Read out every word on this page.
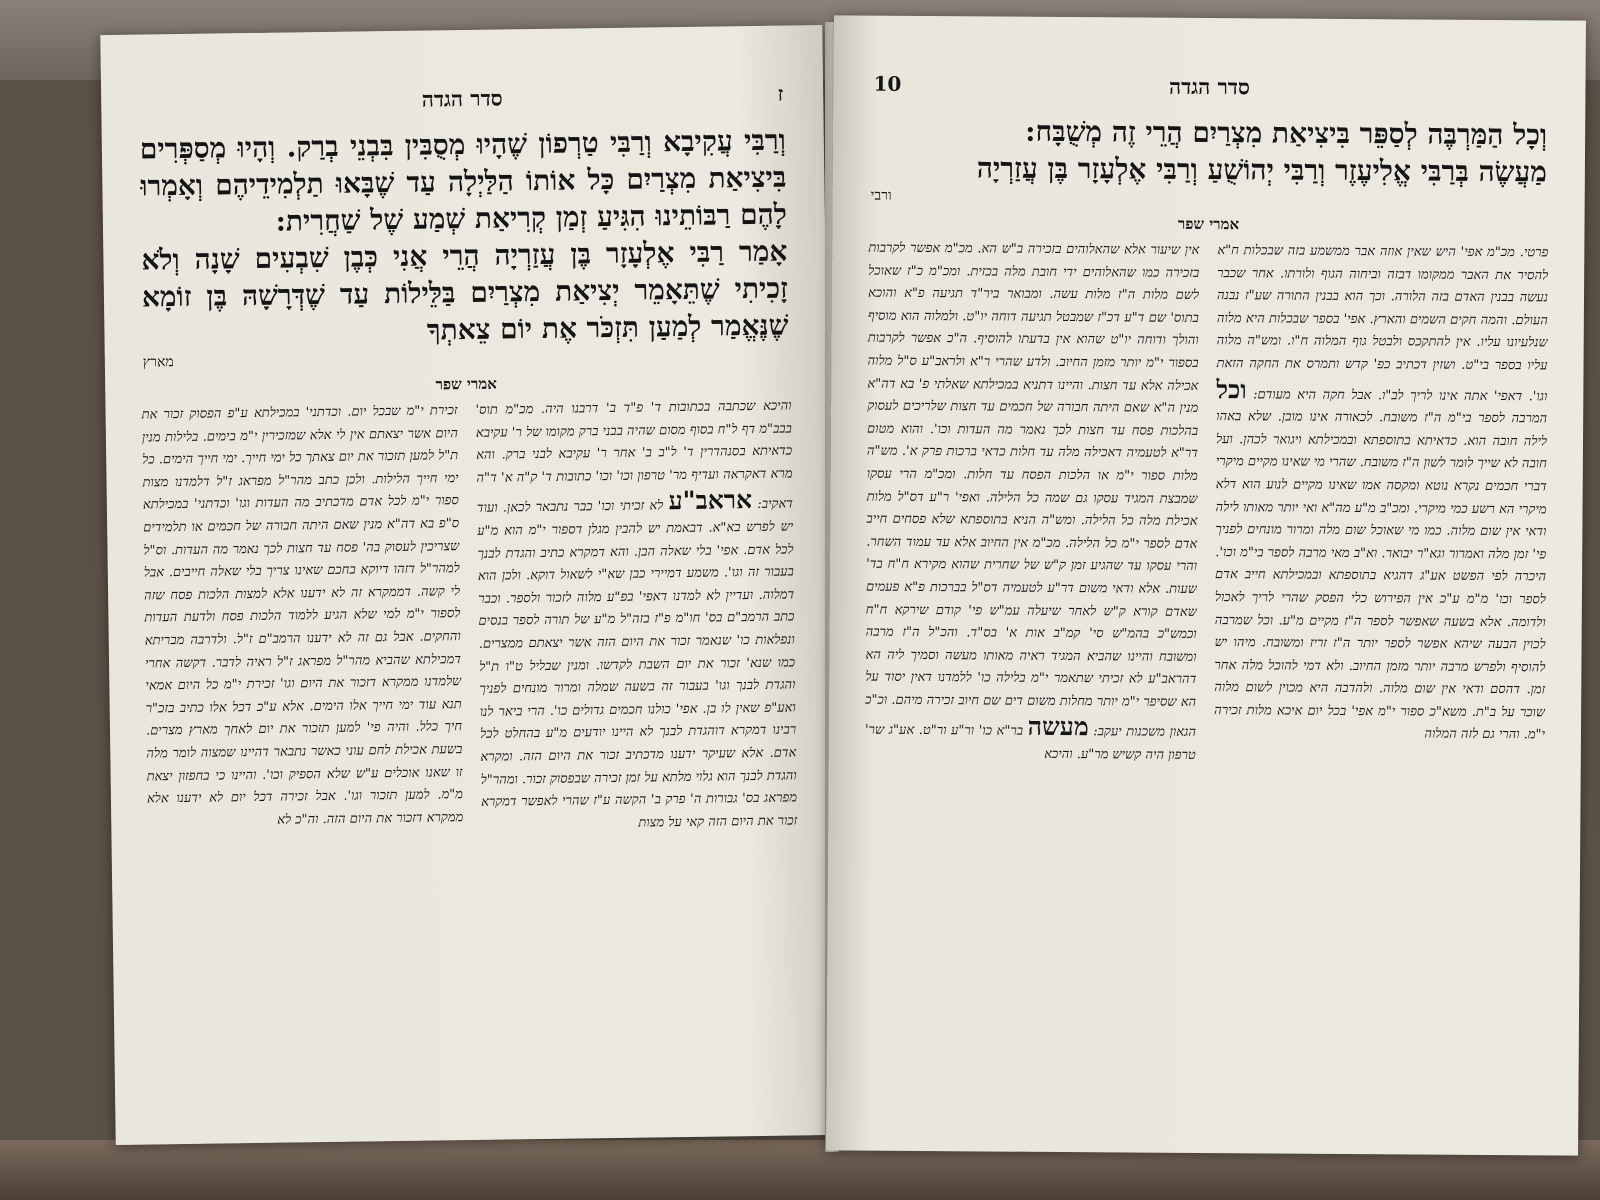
ז
סדר הגדה

וְרַבִּי עֲקִיבָא וְרַבִּי טַרְפוֹן שֶׁהָיוּ מְסֻבִּין בִּבְנֵי בְרַק. וְהָיוּ מְסַפְּרִים בִּיצִיאַת מִצְרַיִם כָּל אוֹתוֹ הַלַּיְלָה עַד שֶׁבָּאוּ תַלְמִידֵיהֶם וְאָמְרוּ לָהֶם רַבּוֹתֵינוּ הִגִּיעַ זְמַן קְרִיאַת שְׁמַע שֶׁל שַׁחֲרִית:

אָמַר רַבִּי אֶלְעָזָר בֶּן עֲזַרְיָה הֲרֵי אֲנִי כְּבֶן שִׁבְעִים שָׁנָה וְלֹא זָכִיתִי שֶׁתֵּאָמֵר יְצִיאַת מִצְרַיִם בַּלֵּילוֹת עַד שֶׁדְּרָשָׁהּ בֶּן זוֹמָא שֶׁנֶּאֱמַר לְמַעַן תִּזְכֹּר אֶת יוֹם צֵאתְךָ

מארץ
אמרי שפר
והיכא שכתבה בכתובות ד' פ"ד ב' דרבנו היה. מכ"מ תוס' בבב"מ דף ל"ח בסוף מסום שהיה בבני ברק מקומו של ר' עקיבא כדאיתא בסנהדרין ד' ל"ב ב' אחר ר' עקיבא לבני ברק. והא מרא דאקראה ועדיף מר' טרפון וכו' וכו' כתובות ד' ק"ה א' ד"ה דאקיב: אראב"ע לא זכיתי וכו' כבר נתבאר לכאן. ועוד יש לפרש בא"א. דבאמת יש להבין מגלן דספור י"מ הוא מ"ע לכל אדם. אפי' בלי שאלה הבן. והא דמקרא כתיב והגדת לבנך בעבור זה וגו'. משמע דמיירי כבן שא"י לשאול דוקא. ולכן הוא דמלוה. ועדיין לא למדנו דאפי' בפ"ע מלוה לזכור ולספר. וכבר כתב הרמב"ם בס' חו"מ פ"ז בזה"ל מ"ע של תורה לספר בנסים ונפלאות כו' שנאמר זכור את היום הזה אשר יצאתם ממצרים. כמו שנא' זכור את יום השבת לקדשו. ומנין שבליל ט"ו ת"ל והגדת לבנך וגו' בעבור זה בשעה שמלה ומרור מונחים לפניך ואע"פ שאין לו בן. אפי' כולנו חכמים גדולים כו'. הרי ביאר לנו רבינו דמקרא דוהגדת לבנך לא היינו יודעים מ"ע בהחלט לכל אדם. אלא שעיקר ידענו מדכתיב זכור את היום הזה. ומקרא והגדת לבנך הוא גלוי מלתא על זמן זכירה שבפסוק זכור. ומהר"ל מפראג בס' גבורות ה' פרק ב' הקשה ע"ז שהרי לאפשר דמקרא זכור את היום הזה קאי על מצות
זכירת י"מ שבכל יום. וכדתני' במכילתא ע"פ הפסוק זכור את היום אשר יצאתם אין לי אלא שמזכירין י"מ בימים. בלילות מנין ת"ל למען תזכור את יום צאתך כל ימי חייך. ימי חייך הימים. כל ימי חייך הלילות. ולכן כתב מהר"ל מפראג ז"ל דלמדנו מצות ספור י"מ לכל אדם מדכתיב מה העדות וגו' וכדתני' במכילתא ס"פ בא דה"א מנין שאם היתה חבורה של חכמים או תלמידים שצריכין לעסוק בה' פסח עד חצות לכך נאמר מה העדות. וס"ל למהר"ל דזהו דיוקא בחכם שאינו צריך בלי שאלה חייבים. אבל לי קשה. דממקרא זה לא ידענו אלא למצות הלכות פסח שזה לספור י"מ למי שלא הגיע ללמוד הלכות פסח ולדעת העדות והחקים. אבל גם זה לא ידענו הרמב"ם ז"ל. ולדרבה מבריתא דמכילתא שהביא מהר"ל מפראג ז"ל ראיה לדבר. דקשה אחרי שלמדנו ממקרא דזכור את היום וגו' זכירת י"מ כל היום אמאי תנא עוד ימי חייך אלו הימים. אלא ע"כ דכל אלו כתיב בזכ"ר חיך כלל. והיה פי' למען תזכור את יום לאחך מארץ מצרים. בשעת אכילת לחם עוני כאשר נתבאר דהיינו שמצוה לומר מלה זו שאנו אוכלים ע"ש שלא הספיק וכו'. והיינו כי בחפזון יצאת מ"מ. למען תזכור וגו'. אבל זכירה דכל יום לא ידענו אלא ממקרא דזכור את היום הזה. וה"כ לא
10	סדר הגדה

וְכָל הַמַּרְבֶּה לְסַפֵּר בִּיצִיאַת מִצְרַיִם הֲרֵי זֶה מְשֻׁבָּח:

מַעֲשֶׂה בְּרַבִּי אֱלִיעֶזֶר וְרַבִּי יְהוֹשֻׁעַ וְרַבִּי אֶלְעָזָר בֶּן עֲזַרְיָה

ורבי
אמרי שפר
פרטי. מכ"מ אפי' היש שאין אוזה אבר ממשמע בזה שבכלות ח"א להסיר את האבר ממקומו דבזה וביחוה הגוף ולורתו. אחר שכבר נעשה בבנין האדם בזה הלורה. וכך הוא בבנין התורה שע"ז נבנה העולם. והמה חקים השמים והארץ. אפי' בספר שבכלות היא מלוה שנלעיונו עליו. אין להתקכס ולבטל גוף המלוה ח"ו. ומש"ה מלוה עליו בספר בי"ט. ושזין דכתיב כפ' קדש ותמרס את החקה הזאת וגו'. דאפי' אתה אינו לריך לב"ו. אבל חקה היא מעודם: וכל המרבה לספר בי"מ ה"ז משובח. לכאורה אינו מובן. שלא באהו לילה חובה הוא. כדאיתא בתוספתא ובמכילתא ויגואר לכהן. ועל חובה לא שייך לומר לשון ה"ז משובח. שהרי מי שאינו מקיים מיקרי דברי חכמים נקרא נוטא ומקסה אמו שאינו מקיים לנוע הוא דלא מיקרי הא רשע כמי מיקרי. ומכ"ב מ"ע מה"א ואי יותר מאותו לילה ודאי אין שום מלוה. כמו מי שאוכל שום מלה ומרור מונחים לפניך פי' זמן מלה ואמרור וגא"ר יבואר. וא"ב מאי מרבה לספר בי"מ וכו'. היכרה לפי הפשט אע"ג דהגיא בתוספתא ובמכילתא חייב אדם לספר וכו' מ"מ ע"כ אין הפירוש כלי הפסק שהרי לריך לאכול ולדומה. אלא בשעה שאפשר לספר ה"ז מקיים מ"ע. וכל שמרבה לכוין הבעה שיהא אפשר לספר יותר ה"ז זריז ומשובח. מיהו יש להוסיף ולפרש מרבה יותר מזמן החיוב. ולא דמי להוכל מלה אחר זמן. דהסם ודאי אין שום מלוה. ולהדבה היא מכוין לשום מלוה שוכר על ב"ת. משא"כ ספור י"מ אפי' בכל יום איכא מלות זכירה י"מ. והרי גם לזה המלוה
אין שיעור אלא שהאלוהים בזכירה ב"ש הא. מכ"מ אפשר לקרבות בזכירה כמו שהאלוהים ידי חובת מלה בכזית. ומכ"מ כ"ז שאוכל לשם מלות ה"ז מלות עשה. ומבואר ביר"ד תגיעה פ"א והוכא בתוס' שם ד"ע דכ"ז שמבטל תגיעה דוחה יו"ט. ולמלוה הוא מוסיף והולך ודוחה יו"ט שהוא אין בדעתו להוסיף. ה"כ אפשר לקרבות בספור י"מ יותר מזמן החיוב. ולדע שהרי ר"א ולראב"ע ס"ל מלוה אכילה אלא עד חצות. והיינו דתניא במכילתא שאלתי פ' בא דה"א מנין ה"א שאם היתה חבורה של חכמים עד חצות שלריכים לעסוק בהלכות פסח עד חצות לכך נאמר מה העדות וכו'. והוא מטום דר"א לטעמיה דאכילה מלה עד חלות כדאי ברכות פרק א'. מש"ה מלות ספור י"מ או הלכות הפסח עד חלות. ומכ"מ הרי עסקו שמבצת המגיד עסקו גם שמה כל הלילה. ואפי' ר"ע דס"ל מלות אכילת מלה כל הלילה. ומש"ה הניא בתוספתא שלא פסחים חייב אדם לספר י"מ כל הלילה. מכ"מ אין החיוב אלא עד עמוד השחר. והרי עסקו עד שהגיע זמן ק"ש של שחרית שהוא מקירא ח"ח בד' שעות. אלא ודאי משום דר"ע לטעמיה דס"ל בברכות פ"א פעמים שאדם קורא ק"ש לאחר שיעלה עמ"ש פי' קודם שירקא ח"ח וכמש"כ בהמ"ש סי' קמ"ב אות א' בס"ד. והכ"ל ה"ז מרבה ומשובח והיינו שהביא המגיד ראיה מאותו מעשה וסמיך ליה הא דהראב"ע לא זכיתי שתאמר י"מ בלילה כו' ללמדנו דאין יסוד על הא שסיפר י"מ יותר מחלות משום דים שם חיוב זכירה מיהם. וכ"כ הגאון משכנות יעקב: מעשה בר"א כו' ור"ע ור"ט. אע"ג שר' טרפון היה קשיש מר"ע. והיכא
